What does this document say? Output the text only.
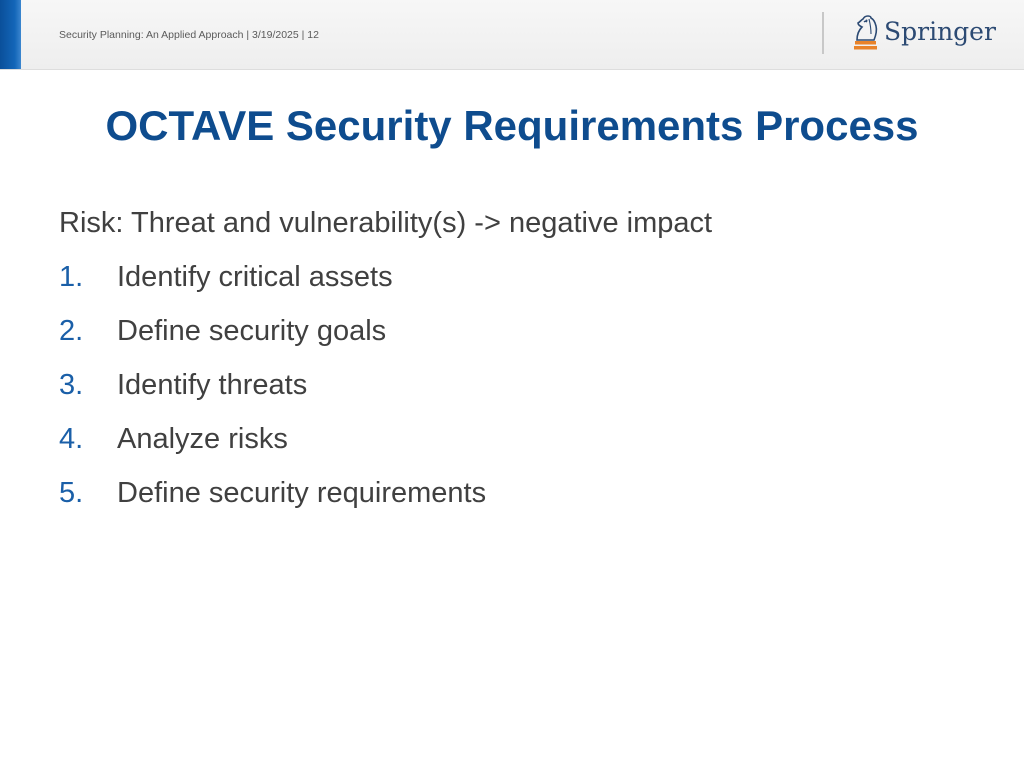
Security Planning: An Applied Approach | 3/19/2025 | 12	Springer
OCTAVE Security Requirements Process
Risk: Threat and vulnerability(s) -> negative impact
1. Identify critical assets
2. Define security goals
3. Identify threats
4. Analyze risks
5. Define security requirements
